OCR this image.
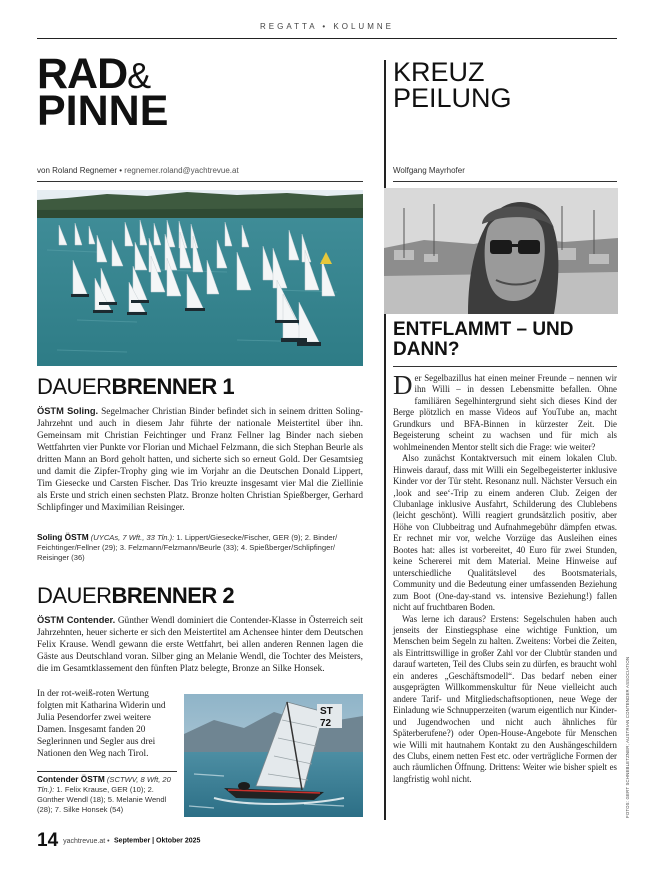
REGATTA • KOLUMNE
RAD&
PINNE
KREUZ
PEILUNG
von Roland Regnemer • regnemer.roland@yachtrevue.at	Wolfgang Mayrhofer
ENTFLAMMT – UND
DANN?

Der Segelbazillus hat einen meiner Freunde – nennen wir ihn Willi – in dessen Lebensmitte befallen. Ohne familiären Segelhintergrund sieht sich dieses Kind der Berge plötzlich en masse Videos auf YouTube an, macht Grundkurs und BFA-Binnen in kürzester Zeit. Die Begeisterung scheint zu wachsen und für mich als wohlmeinenden Mentor stellt sich die Frage: wie weiter?

Also zunächst Kontaktversuch mit einem lokalen Club. Hinweis darauf, dass mit Willi ein Segelbegeisterter inklusive Kinder vor der Tür steht. Resonanz null. Nächster Versuch ein ‚look and see‘-Trip zu einem anderen Club. Zeigen der Clubanlage inklusive Ausfahrt, Schilderung des Clublebens (leicht geschönt). Willi reagiert grundsätzlich positiv, aber Höhe von Clubbeitrag und Aufnahmegebühr dämpfen etwas. Er rechnet mir vor, welche Vorzüge das Ausleihen eines Bootes hat: alles ist vorbereitet, 40 Euro für zwei Stunden, keine Schererei mit dem Material. Meine Hinweise auf unterschiedliche Qualitätslevel des Bootsmaterials, Community und die Bedeutung einer umfassenden Beziehung zum Boot (One-day-stand vs. intensive Beziehung!) fallen nicht auf fruchtbaren Boden.

Was lerne ich daraus? Erstens: Segelschulen haben auch jenseits der Einstiegsphase eine wichtige Funktion, um Menschen beim Segeln zu halten. Zweitens: Vorbei die Zeiten, als Eintrittswillige in großer Zahl vor der Clubtür standen und darauf warteten, Teil des Clubs sein zu dürfen, es braucht wohl ein anderes „Geschäftsmodell“. Das bedarf neben einer ausgeprägten Willkommenskultur für Neue vielleicht auch andere Tarif- und Mitgliedschaftsoptionen, neue Wege der Einladung wie Schnupperzeiten (warum eigentlich nur Kinder- und Jugendwochen und nicht auch ähnliches für Späterberufene?) oder Open-House-Angebote für Menschen wie Willi mit hautnahem Kontakt zu den Aushängeschildern des Clubs, einem netten Fest etc. oder verträgliche Formen der auch räumlichen Öffnung. Drittens: Weiter wie bisher spielt es langfristig wohl nicht.

DAUERBRENNER 1
ÖSTM Soling. Segelmacher Christian Binder befindet sich in seinem dritten Soling-Jahrzehnt und auch in diesem Jahr führte der nationale Meistertitel über ihn. Gemeinsam mit Christian Feichtinger und Franz Fellner lag Binder nach sieben Wettfahrten vier Punkte vor Florian und Michael Felzmann, die sich Stephan Beurle als dritten Mann an Bord geholt hatten, und sicherte sich so erneut Gold. Der Gesamtsieg und damit die Zipfer-Trophy ging wie im Vorjahr an die Deutschen Donald Lippert, Tim Giesecke und Carsten Fischer. Das Trio kreuzte insgesamt vier Mal die Ziellinie als Erste und strich einen sechsten Platz. Bronze holten Christian Spießberger, Gerhard Schlipfinger und Maximilian Reisinger.
Soling ÖSTM (UYCAs, 7 Wft., 33 Tln.): 1. Lippert/Giesecke/Fischer, GER (9); 2. Binder/ Feichtinger/Fellner (29); 3. Felzmann/Felzmann/Beurle (33); 4. Spießberger/Schlipfinger/ Reisinger (36)
DAUERBRENNER 2
ÖSTM Contender. Günther Wendl dominiert die Contender-Klasse in Österreich seit Jahrzehnten, heuer sicherte er sich den Meistertitel am Achensee hinter dem Deutschen Felix Krause. Wendl gewann die erste Wettfahrt, bei allen anderen Rennen lagen die Gäste aus Deutschland voran. Silber ging an Melanie Wendl, die Tochter des Meisters, die im Gesamtklassement den fünften Platz belegte, Bronze an Silke Honsek.
In der rot-weiß-roten Wertung folgten mit Katharina Widerin und Julia Pesendorfer zwei weitere Damen. Insgesamt fanden 20 Seglerinnen und Segler aus drei Nationen den Weg nach Tirol.
ST
72
Contender ÖSTM (SCTWV, 8 Wft, 20 Tln.): 1. Felix Krause, GER (10); 2. Günther Wendl (18); 5. Melanie Wendl (28); 7. Silke Honsek (54)	FOTOS: GERT SCHNEBLETZNER; AUSTRIAN CONTENDER ASSOCIATION
14 yachtrevue.at • September | Oktober 2025
